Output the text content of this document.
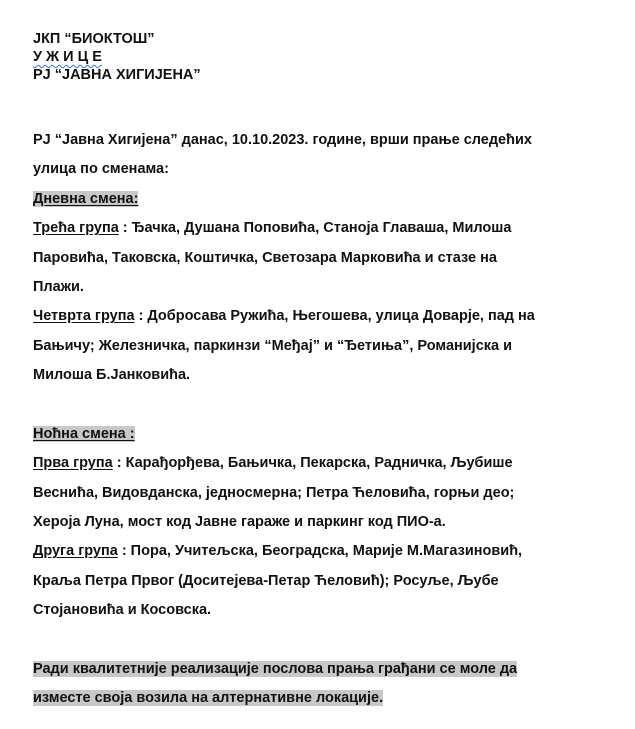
ЈКП “БИОКТОШ”
У Ж И Ц Е
РЈ “ЈАВНА ХИГИЈЕНА”
РЈ “Јавна Хигијена” данас, 10.10.2023. године, врши прање следећих
улица по сменама:
Дневна смена:
Трећа група : Ђачка, Душана Поповића, Станоја Главаша, Милоша
Паровића, Таковска, Коштичка, Светозара Марковића и стазе на
Плажи.
Четврта група : Добросава Ружића, Његошева, улица Доварје, пад на
Бањичу; Железничка, паркинзи “Међај” и “Ђетиња”, Романијска и
Милоша Б.Јанковића.
Ноћна смена :
Прва група : Карађорђева, Бањичка, Пекарска, Радничка, Љубише
Веснића, Видовданска, једносмерна; Петра Ћеловића, горњи део;
Хероја Луна, мост код Јавне гараже и паркинг код ПИО-а.
Друга група : Пора, Учитељска, Београдска, Марије М.Магазиновић,
Краља Петра Првог (Доситејева-Петар Ћеловић); Росуље, Љубе
Стојановића и Косовска.
Ради квалитетније реализације послова прања грађани се моле да
изместе своја возила на алтернативне локације.
